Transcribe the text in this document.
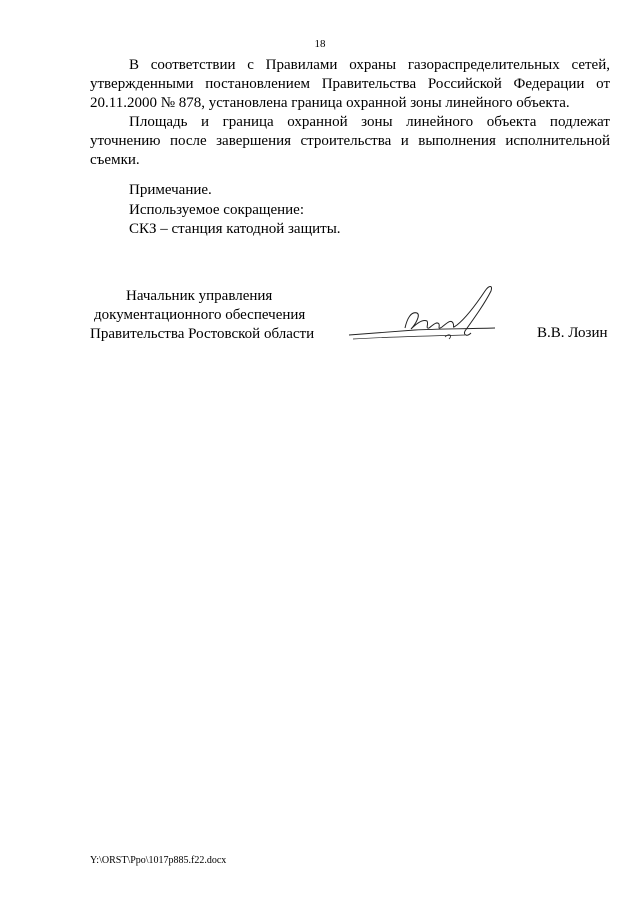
18

В соответствии с Правилами охраны газораспределительных сетей, утвержденными постановлением Правительства Российской Федерации от 20.11.2000 № 878, установлена граница охранной зоны линейного объекта.

Площадь и граница охранной зоны линейного объекта подлежат уточнению после завершения строительства и выполнения исполнительной съемки.

Примечание.
Используемое сокращение:
СКЗ – станция катодной защиты.
Начальник управления
документационного обеспечения
Правительства Ростовской области	В.В. Лозин
Y:\ORST\Ppo\1017p885.f22.docx
